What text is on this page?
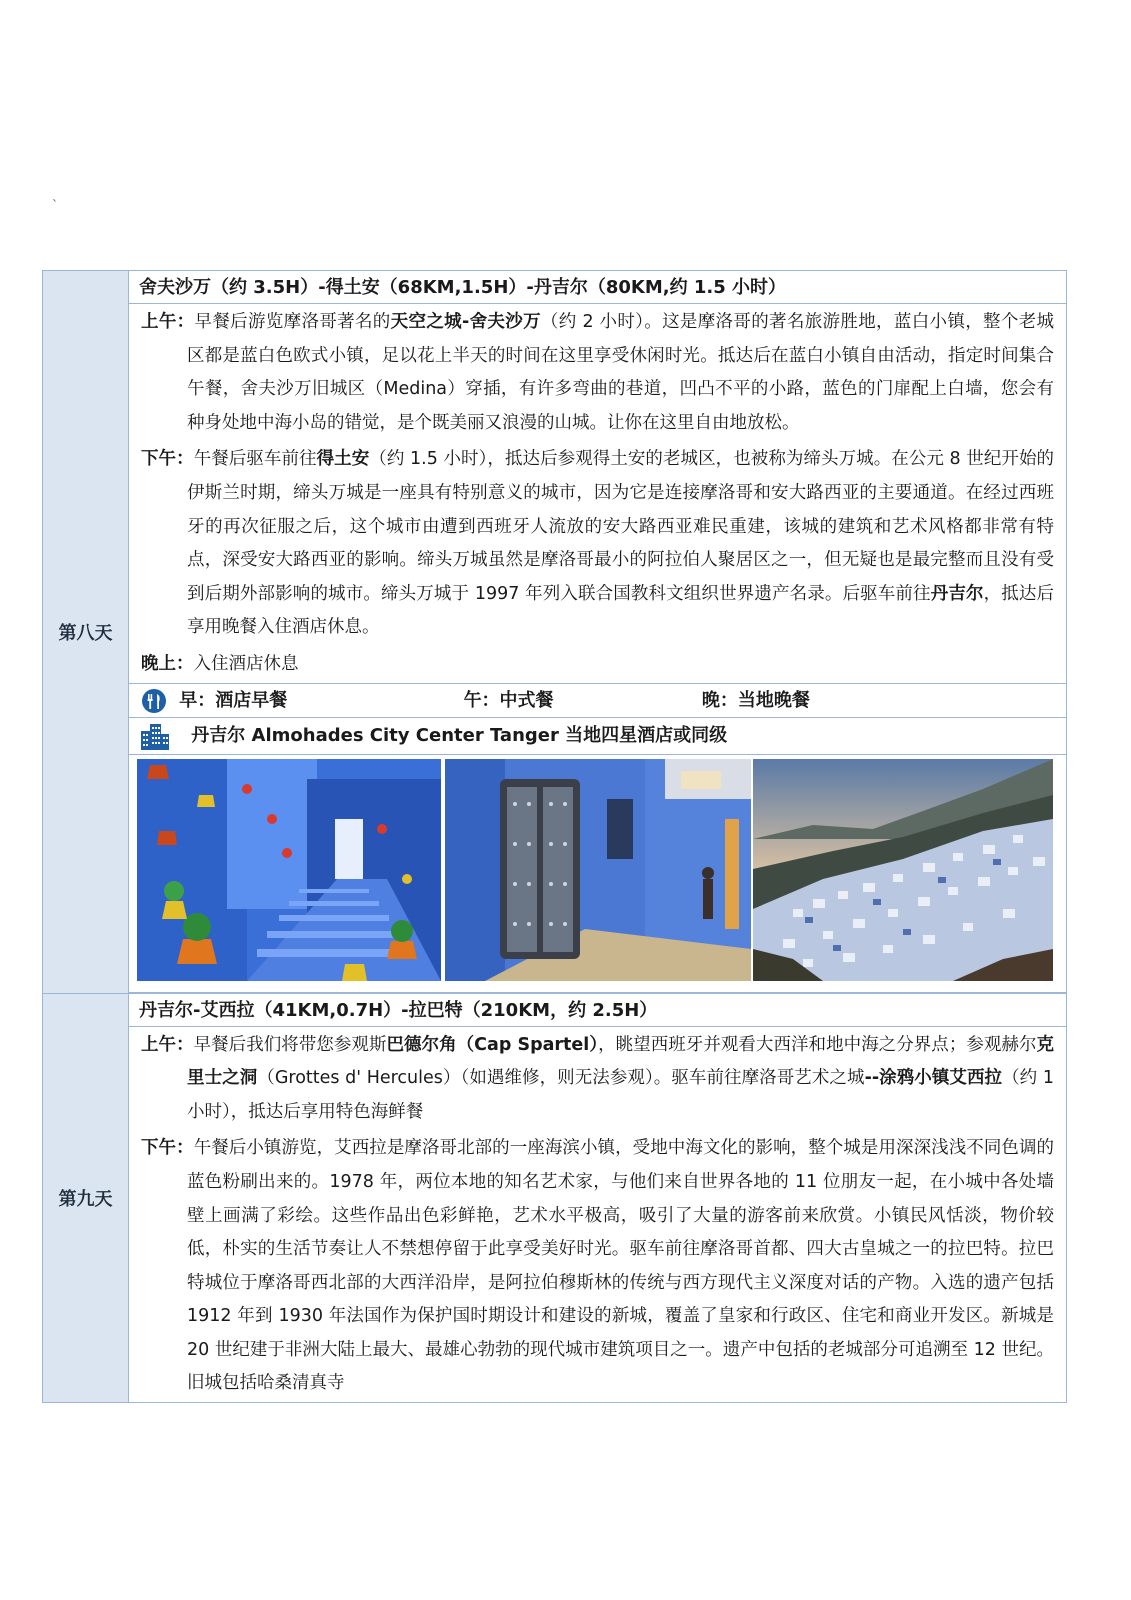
`
第八天	舍夫沙万（约 3.5H）-得土安（68KM,1.5H）-丹吉尔（80KM,约 1.5 小时）

	上午：早餐后游览摩洛哥著名的天空之城-舍夫沙万（约 2 小时）。这是摩洛哥的著名旅游胜地，蓝白小镇，整个老城区都是蓝白色欧式小镇，足以花上半天的时间在这里享受休闲时光。抵达后在蓝白小镇自由活动，指定时间集合午餐，舍夫沙万旧城区（Medina）穿插，有许多弯曲的巷道，凹凸不平的小路，蓝色的门扉配上白墙，您会有种身处地中海小岛的错觉，是个既美丽又浪漫的山城。让你在这里自由地放松。
下午：午餐后驱车前往得土安（约 1.5 小时），抵达后参观得土安的老城区，也被称为缔头万城。在公元 8 世纪开始的伊斯兰时期，缔头万城是一座具有特别意义的城市，因为它是连接摩洛哥和安大路西亚的主要通道。在经过西班牙的再次征服之后，这个城市由遭到西班牙人流放的安大路西亚难民重建，该城的建筑和艺术风格都非常有特点，深受安大路西亚的影响。缔头万城虽然是摩洛哥最小的阿拉伯人聚居区之一，但无疑也是最完整而且没有受到后期外部影响的城市。缔头万城于 1997 年列入联合国教科文组织世界遗产名录。后驱车前往丹吉尔，抵达后享用晚餐入住酒店休息。
晚上：入住酒店休息

	早：酒店早餐 午：中式餐 晚：当地晚餐

	丹吉尔 Almohades City Center Tanger 当地四星酒店或同级

第九天	丹吉尔-艾西拉（41KM,0.7H）-拉巴特（210KM，约 2.5H）

	上午：早餐后我们将带您参观斯巴德尔角（Cap Spartel），眺望西班牙并观看大西洋和地中海之分界点；参观赫尔克里士之洞（Grottes d' Hercules）（如遇维修，则无法参观）。驱车前往摩洛哥艺术之城--涂鸦小镇艾西拉（约 1 小时），抵达后享用特色海鲜餐
下午：午餐后小镇游览，艾西拉是摩洛哥北部的一座海滨小镇，受地中海文化的影响，整个城是用深深浅浅不同色调的蓝色粉刷出来的。1978 年，两位本地的知名艺术家，与他们来自世界各地的 11 位朋友一起，在小城中各处墙壁上画满了彩绘。这些作品出色彩鲜艳，艺术水平极高，吸引了大量的游客前来欣赏。小镇民风恬淡，物价较低，朴实的生活节奏让人不禁想停留于此享受美好时光。驱车前往摩洛哥首都、四大古皇城之一的拉巴特。拉巴特城位于摩洛哥西北部的大西洋沿岸，是阿拉伯穆斯林的传统与西方现代主义深度对话的产物。入选的遗产包括 1912 年到 1930 年法国作为保护国时期设计和建设的新城，覆盖了皇家和行政区、住宅和商业开发区。新城是 20 世纪建于非洲大陆上最大、最雄心勃勃的现代城市建筑项目之一。遗产中包括的老城部分可追溯至 12 世纪。旧城包括哈桑清真寺
